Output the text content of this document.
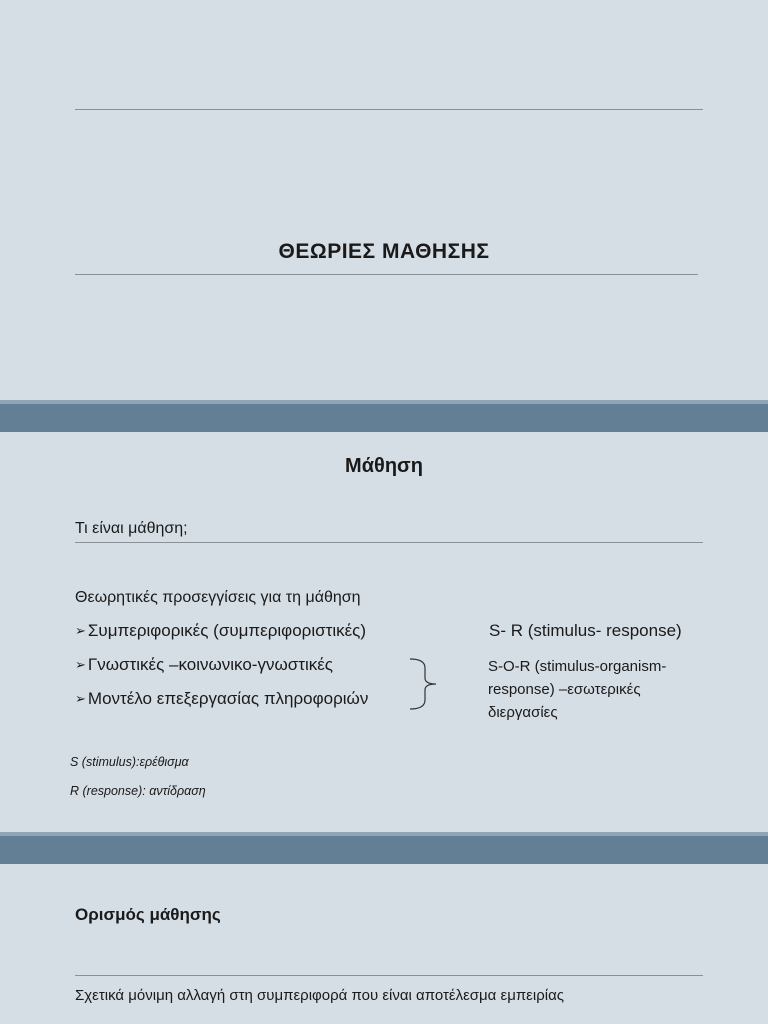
ΘΕΩΡΙΕΣ ΜΑΘΗΣΗΣ
Μάθηση
Τι είναι μάθηση;
Θεωρητικές προσεγγίσεις για τη μάθηση
➢ Συμπεριφορικές (συμπεριφοριστικές)
➢ Γνωστικές –κοινωνικο-γνωστικές
➢ Μοντέλο επεξεργασίας πληροφοριών
S- R (stimulus- response)
S-O-R (stimulus-organism-response) –εσωτερικές διεργασίες
S (stimulus):ερέθισμα
R (response): αντίδραση
Ορισμός μάθησης
Σχετικά μόνιμη αλλαγή στη συμπεριφορά που είναι αποτέλεσμα εμπειρίας
